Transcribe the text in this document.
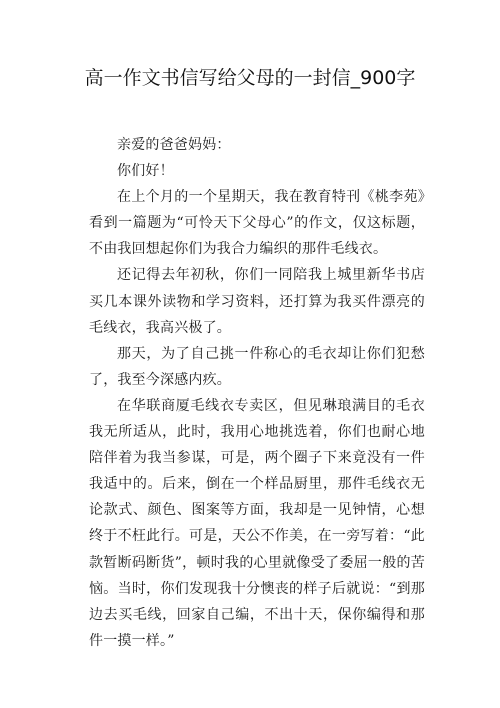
高一作文书信写给父母的一封信_900字

亲爱的爸爸妈妈：

你们好！

在上个月的一个星期天，我在教育特刊《桃李苑》看到一篇题为“可怜天下父母心”的作文，仅这标题，不由我回想起你们为我合力编织的那件毛线衣。

还记得去年初秋，你们一同陪我上城里新华书店买几本课外读物和学习资料，还打算为我买件漂亮的毛线衣，我高兴极了。

那天，为了自己挑一件称心的毛衣却让你们犯愁了，我至今深感内疚。

在华联商厦毛线衣专卖区，但见琳琅满目的毛衣我无所适从，此时，我用心地挑选着，你们也耐心地陪伴着为我当参谋，可是，两个圈子下来竟没有一件我适中的。后来，倒在一个样品厨里，那件毛线衣无论款式、颜色、图案等方面，我却是一见钟情，心想终于不枉此行。可是，天公不作美，在一旁写着：“此款暂断码断货”，顿时我的心里就像受了委屈一般的苦恼。当时，你们发现我十分懊丧的样子后就说：“到那边去买毛线，回家自己编，不出十天，保你编得和那件一摸一样。”
